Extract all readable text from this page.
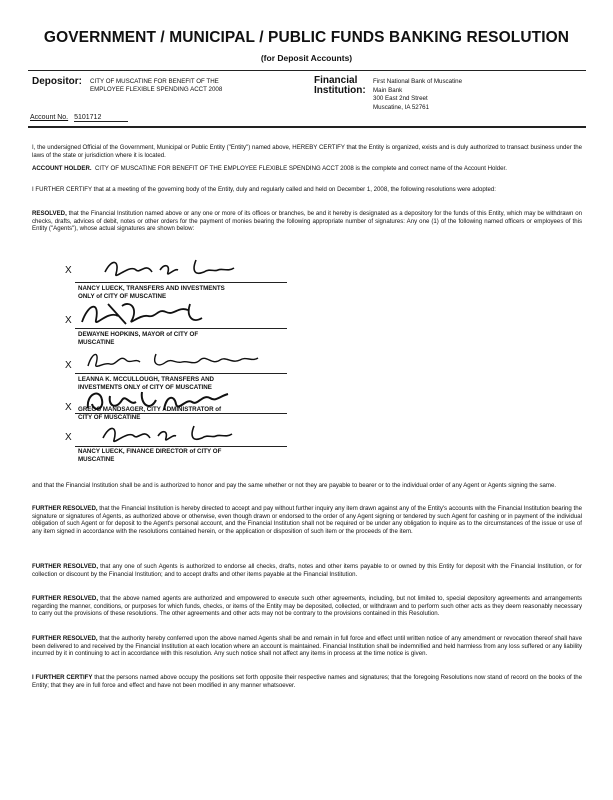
GOVERNMENT / MUNICIPAL / PUBLIC FUNDS BANKING RESOLUTION
(for Deposit Accounts)
Depositor: CITY OF MUSCATINE FOR BENEFIT OF THE
EMPLOYEE FLEXIBLE SPENDING ACCT 2008
Financial
Institution:
First National Bank of Muscatine
Main Bank
300 East 2nd Street
Muscatine, IA 52761
Account No. 5101712
I, the undersigned Official of the Government, Municipal or Public Entity ("Entity") named above, HEREBY CERTIFY that the Entity is organized, exists and is duly authorized to transact business under the laws of the state or jurisdiction where it is located.
ACCOUNT HOLDER. CITY OF MUSCATINE FOR BENEFIT OF THE EMPLOYEE FLEXIBLE SPENDING ACCT 2008 is the complete and correct name of the Account Holder.
I FURTHER CERTIFY that at a meeting of the governing body of the Entity, duly and regularly called and held on December 1, 2008, the following resolutions were adopted:
RESOLVED, that the Financial Institution named above or any one or more of its offices or branches, be and it hereby is designated as a depository for the funds of this Entity, which may be withdrawn on checks, drafts, advices of debit, notes or other orders for the payment of monies bearing the following appropriate number of signatures: Any one (1) of the following named officers or employees of this Entity ("Agents"), whose actual signatures are shown below:
X
NANCY LUECK, TRANSFERS AND INVESTMENTS
ONLY of CITY OF MUSCATINE
X
DEWAYNE HOPKINS, MAYOR of CITY OF
MUSCATINE
X
LEANNA K. MCCULLOUGH, TRANSFERS AND
INVESTMENTS ONLY of CITY OF MUSCATINE
X GREGG MANDSAGER, CITY ADMINISTRATOR of
CITY OF MUSCATINE
X
NANCY LUECK, FINANCE DIRECTOR of CITY OF
MUSCATINE
and that the Financial Institution shall be and is authorized to honor and pay the same whether or not they are payable to bearer or to the individual order of any Agent or Agents signing the same.
FURTHER RESOLVED, that the Financial Institution is hereby directed to accept and pay without further inquiry any item drawn against any of the Entity's accounts with the Financial Institution bearing the signature or signatures of Agents, as authorized above or otherwise, even though drawn or endorsed to the order of any Agent signing or tendered by such Agent for cashing or in payment of the individual obligation of such Agent or for deposit to the Agent's personal account, and the Financial Institution shall not be required or be under any obligation to inquire as to the circumstances of the issue or use of any item signed in accordance with the resolutions contained herein, or the application or disposition of such item or the proceeds of the item.
FURTHER RESOLVED, that any one of such Agents is authorized to endorse all checks, drafts, notes and other items payable to or owned by this Entity for deposit with the Financial Institution, or for collection or discount by the Financial Institution; and to accept drafts and other items payable at the Financial Institution.
FURTHER RESOLVED, that the above named agents are authorized and empowered to execute such other agreements, including, but not limited to, special depository agreements and arrangements regarding the manner, conditions, or purposes for which funds, checks, or items of the Entity may be deposited, collected, or withdrawn and to perform such other acts as they deem reasonably necessary to carry out the provisions of these resolutions. The other agreements and other acts may not be contrary to the provisions contained in this Resolution.
FURTHER RESOLVED, that the authority hereby conferred upon the above named Agents shall be and remain in full force and effect until written notice of any amendment or revocation thereof shall have been delivered to and received by the Financial Institution at each location where an account is maintained. Financial Institution shall be indemnified and held harmless from any loss suffered or any liability incurred by it in continuing to act in accordance with this resolution. Any such notice shall not affect any items in process at the time notice is given.
I FURTHER CERTIFY that the persons named above occupy the positions set forth opposite their respective names and signatures; that the foregoing Resolutions now stand of record on the books of the Entity; that they are in full force and effect and have not been modified in any manner whatsoever.
